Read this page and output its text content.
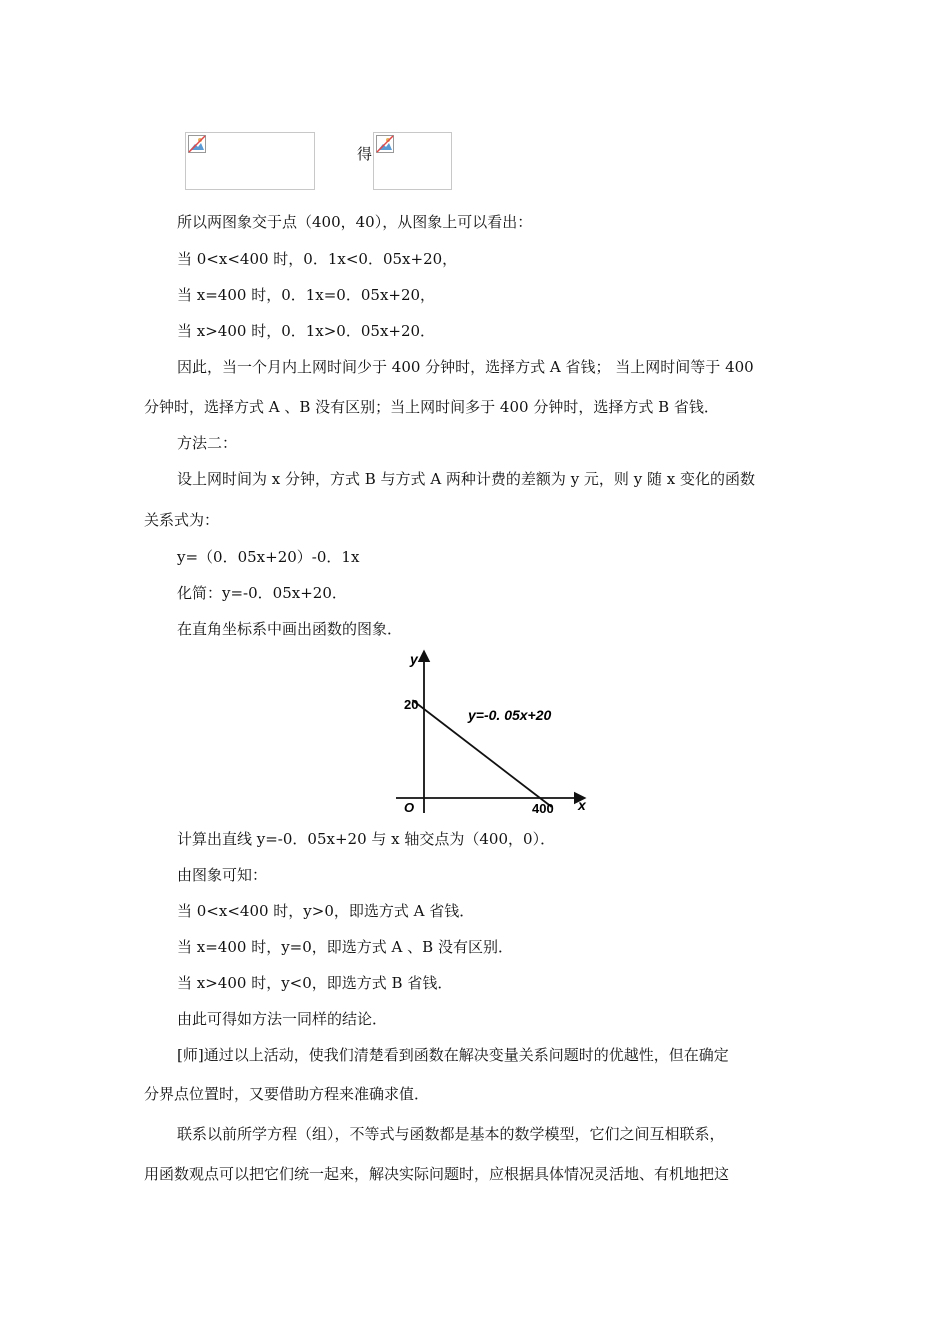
得
所以两图象交于点（400，40），从图象上可以看出：
当 0<x<400 时，0．1x<0．05x+20，
当 x=400 时，0．1x=0．05x+20，
当 x>400 时，0．1x>0．05x+20．
因此，当一个月内上网时间少于 400 分钟时，选择方式 A 省钱； 当上网时间等于 400
分钟时，选择方式 A 、B 没有区别；当上网时间多于 400 分钟时，选择方式 B 省钱．
方法二：
设上网时间为 x 分钟，方式 B 与方式 A 两种计费的差额为 y 元，则 y 随 x 变化的函数
关系式为：
y=（0．05x+20）-0．1x
化简：y=-0．05x+20．
在直角坐标系中画出函数的图象．
y
x
O
20
400
y=-0. 05x+20
计算出直线 y=-0．05x+20 与 x 轴交点为（400，0）．
由图象可知：
当 0<x<400 时，y>0，即选方式 A 省钱．
当 x=400 时，y=0，即选方式 A 、B 没有区别．
当 x>400 时，y<0，即选方式 B 省钱．
由此可得如方法一同样的结论．
[师]通过以上活动，使我们清楚看到函数在解决变量关系问题时的优越性，但在确定
分界点位置时，又要借助方程来准确求值．
联系以前所学方程（组），不等式与函数都是基本的数学模型，它们之间互相联系，
用函数观点可以把它们统一起来，解决实际问题时，应根据具体情况灵活地、有机地把这
